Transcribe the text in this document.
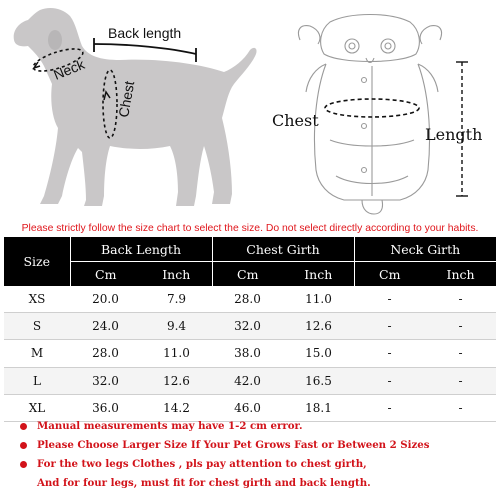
Back length
Neck
Chest
Chest
Length
Please strictly follow the size chart to select the size. Do not select directly according to your habits.
Size	Back Length		Chest Girth		Neck Girth	
	Cm	Inch	Cm	Inch	Cm	Inch
XS	20.0	7.9	28.0	11.0	-	-
S	24.0	9.4	32.0	12.6	-	-
M	28.0	11.0	38.0	15.0	-	-
L	32.0	12.6	42.0	16.5	-	-
XL	36.0	14.2	46.0	18.1	-	-
Manual measurements may have 1-2 cm error.
Please Choose Larger Size If Your Pet Grows Fast or Between 2 Sizes
For the two legs Clothes , pls pay attention to chest girth,
And for four legs, must fit for chest girth and back length.
